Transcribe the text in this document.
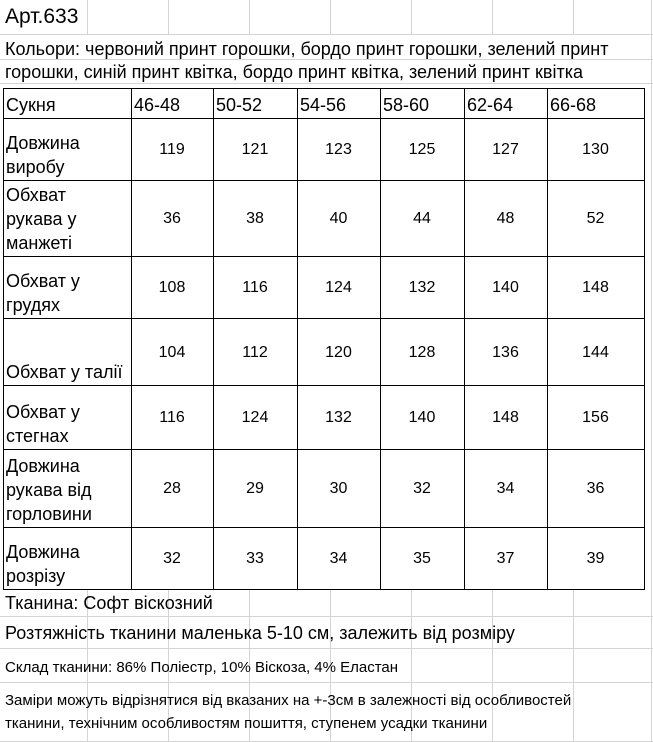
Арт.633
Кольори: червоний принт горошки, бордо принт горошки, зелений принт
горошки, синій принт квітка, бордо принт квітка, зелений принт квітка
Сукня	46-48 50-52 54-56 58-60 62-64 66-68
Довжина
виробу
119	121	123	125	127	130
Обхват
рукава у
манжеті
36	38	40	44	48	52
Обхват у
грудях
108	116	124	132	140	148
Обхват у талії
104	112	120	128	136	144
Обхват у
стегнах
116	124	132	140	148	156
Довжина
рукава від
горловини
28	29	30	32	34	36
Довжина
розрізу
32	33	34	35	37	39
Тканина: Софт віскозний
Розтяжність тканини маленька 5-10 см, залежить від розміру
Склад тканини: 86% Поліестр, 10% Віскоза, 4% Еластан
Заміри можуть відрізнятися від вказаних на +-3см в залежності від особливостей
тканини, технічним особливостям пошиття, ступенем усадки тканини
